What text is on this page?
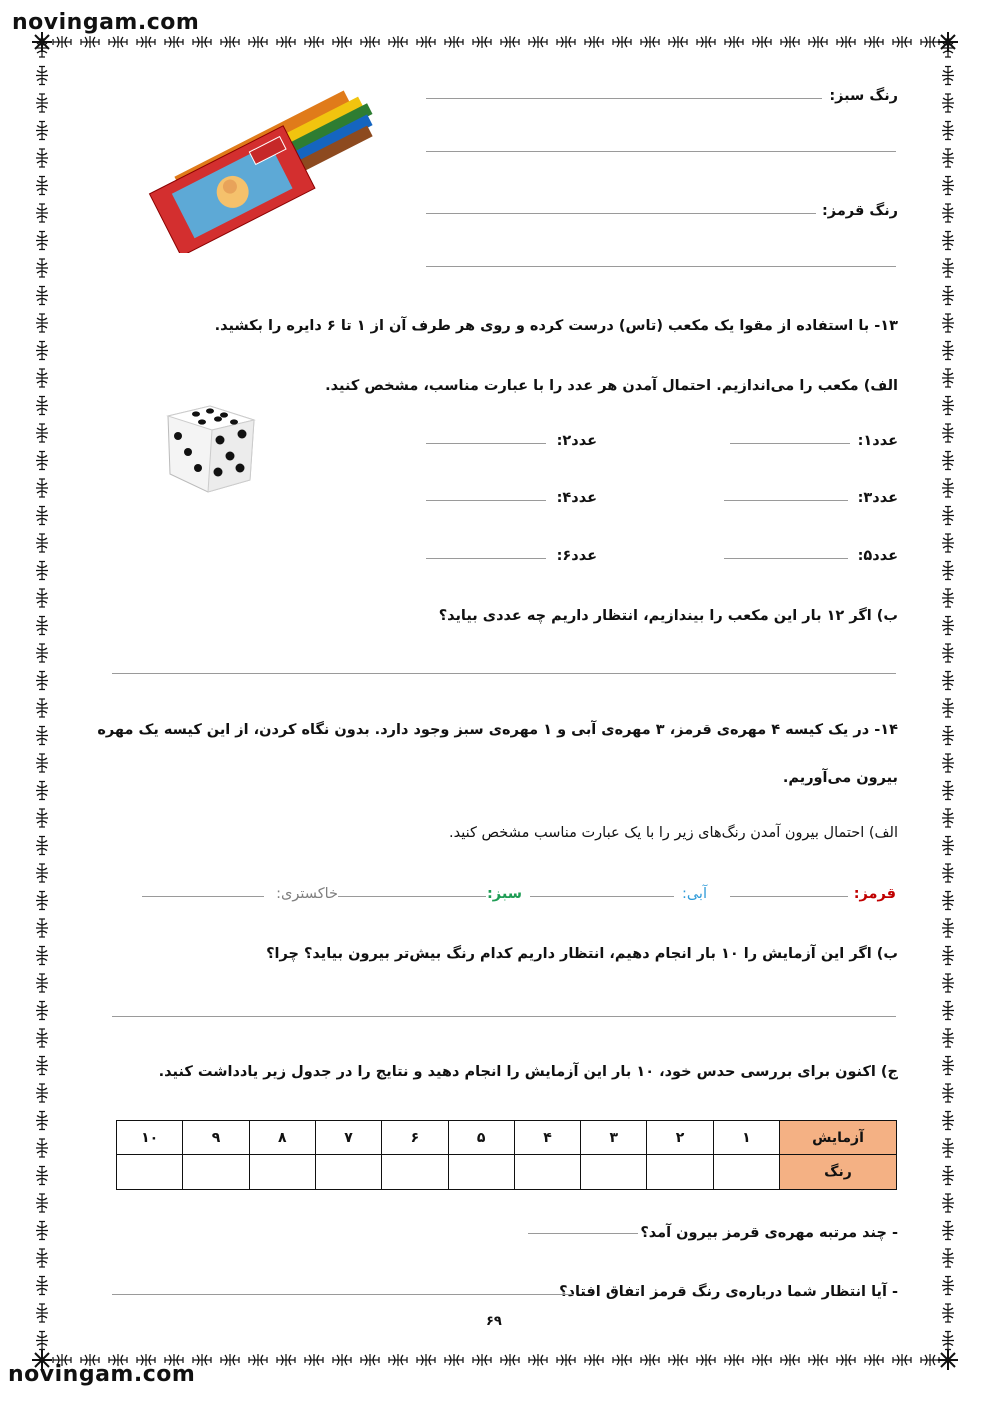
novingam.com
novingam.com
رنگ سبز:
رنگ قرمز:
۱۳- با استفاده از مقوا یک مکعب (تاس) درست کرده و روی هر طرف آن از ۱ تا ۶ دایره را بکشید.
الف) مکعب را می‌اندازیم. احتمال آمدن هر عدد را با عبارت مناسب، مشخص کنید.
عدد۱:
عدد۲:
عدد۳:
عدد۴:
عدد۵:
عدد۶:
ب) اگر ۱۲ بار این مکعب را بیندازیم، انتظار داریم چه عددی بیاید؟
۱۴- در یک کیسه ۴ مهره‌ی قرمز، ۳ مهره‌ی آبی و ۱ مهره‌ی سبز وجود دارد. بدون نگاه کردن، از این کیسه یک مهره
بیرون می‌آوریم.
الف) احتمال بیرون آمدن رنگ‌های زیر را با یک عبارت مناسب مشخص کنید.
قرمز:
آبی:
سبز:
خاکستری:
ب) اگر این آزمایش را ۱۰ بار انجام دهیم، انتظار داریم کدام رنگ بیش‌تر بیرون بیاید؟ چرا؟
ج) اکنون برای بررسی حدس خود، ۱۰ بار این آزمایش را انجام دهید و نتایج را در جدول زیر یادداشت کنید.
آزمایش	۱	۲	۳	۴	۵	۶	۷	۸	۹	۱۰
رنگ										
- چند مرتبه مهره‌ی قرمز بیرون آمد؟
- آیا انتظار شما درباره‌ی رنگ قرمز اتفاق افتاد؟
۶۹
